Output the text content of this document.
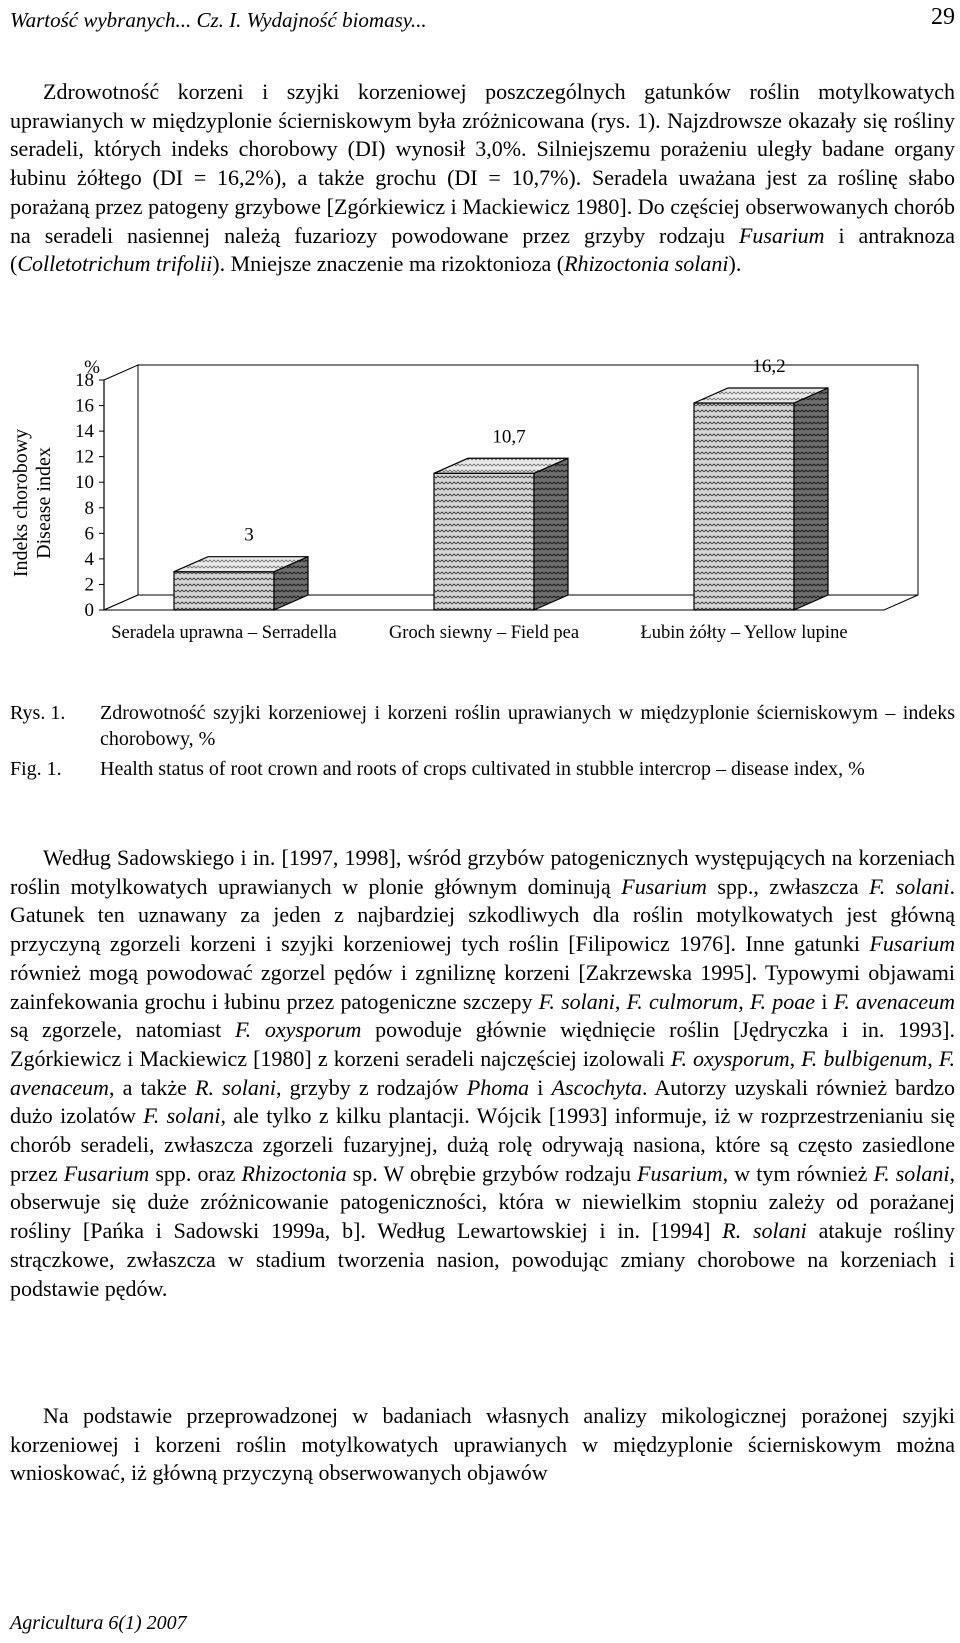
Wartość wybranych... Cz. I. Wydajność biomasy...	29
Zdrowotność korzeni i szyjki korzeniowej poszczególnych gatunków roślin motylkowatych uprawianych w międzyplonie ścierniskowym była zróżnicowana (rys. 1). Najzdrowsze okazały się rośliny seradeli, których indeks chorobowy (DI) wynosił 3,0%. Silniejszemu porażeniu uległy badane organy łubinu żółtego (DI = 16,2%), a także grochu (DI = 10,7%). Seradela uważana jest za roślinę słabo porażaną przez patogeny grzybowe [Zgórkiewicz i Mackiewicz 1980]. Do częściej obserwowanych chorób na seradeli nasiennej należą fuzariozy powodowane przez grzyby rodzaju Fusarium i antraknoza (Colletotrichum trifolii). Mniejsze znaczenie ma rizoktonioza (Rhizoctonia solani).
0
2
4
6
8
10
12
14
16
18
%
Indeks chorobowy Disease index	3
Seradela uprawna – Serradella
10,7
Groch siewny – Field pea
16,2
Łubin żółty – Yellow lupine
Rys. 1. Zdrowotność szyjki korzeniowej i korzeni roślin uprawianych w międzyplonie ścierniskowym – indeks chorobowy, %
Fig. 1. Health status of root crown and roots of crops cultivated in stubble intercrop – disease index, %
Według Sadowskiego i in. [1997, 1998], wśród grzybów patogenicznych występujących na korzeniach roślin motylkowatych uprawianych w plonie głównym dominują Fusarium spp., zwłaszcza F. solani. Gatunek ten uznawany za jeden z najbardziej szkodliwych dla roślin motylkowatych jest główną przyczyną zgorzeli korzeni i szyjki korzeniowej tych roślin [Filipowicz 1976]. Inne gatunki Fusarium również mogą powodować zgorzel pędów i zgniliznę korzeni [Zakrzewska 1995]. Typowymi objawami zainfekowania grochu i łubinu przez patogeniczne szczepy F. solani, F. culmorum, F. poae i F. avenaceum są zgorzele, natomiast F. oxysporum powoduje głównie więdnięcie roślin [Jędryczka i in. 1993]. Zgórkiewicz i Mackiewicz [1980] z korzeni seradeli najczęściej izolowali F. oxysporum, F. bulbigenum, F. avenaceum, a także R. solani, grzyby z rodzajów Phoma i Ascochyta. Autorzy uzyskali również bardzo dużo izolatów F. solani, ale tylko z kilku plantacji. Wójcik [1993] informuje, iż w rozprzestrzenianiu się chorób seradeli, zwłaszcza zgorzeli fuzaryjnej, dużą rolę odrywają nasiona, które są często zasiedlone przez Fusarium spp. oraz Rhizoctonia sp. W obrębie grzybów rodzaju Fusarium, w tym również F. solani, obserwuje się duże zróżnicowanie patogeniczności, która w niewielkim stopniu zależy od porażanej rośliny [Pańka i Sadowski 1999a, b]. Według Lewartowskiej i in. [1994] R. solani atakuje rośliny strączkowe, zwłaszcza w stadium tworzenia nasion, powodując zmiany chorobowe na korzeniach i podstawie pędów.
Na podstawie przeprowadzonej w badaniach własnych analizy mikologicznej porażonej szyjki korzeniowej i korzeni roślin motylkowatych uprawianych w międzyplonie ścierniskowym można wnioskować, iż główną przyczyną obserwowanych objawów
Agricultura 6(1) 2007
